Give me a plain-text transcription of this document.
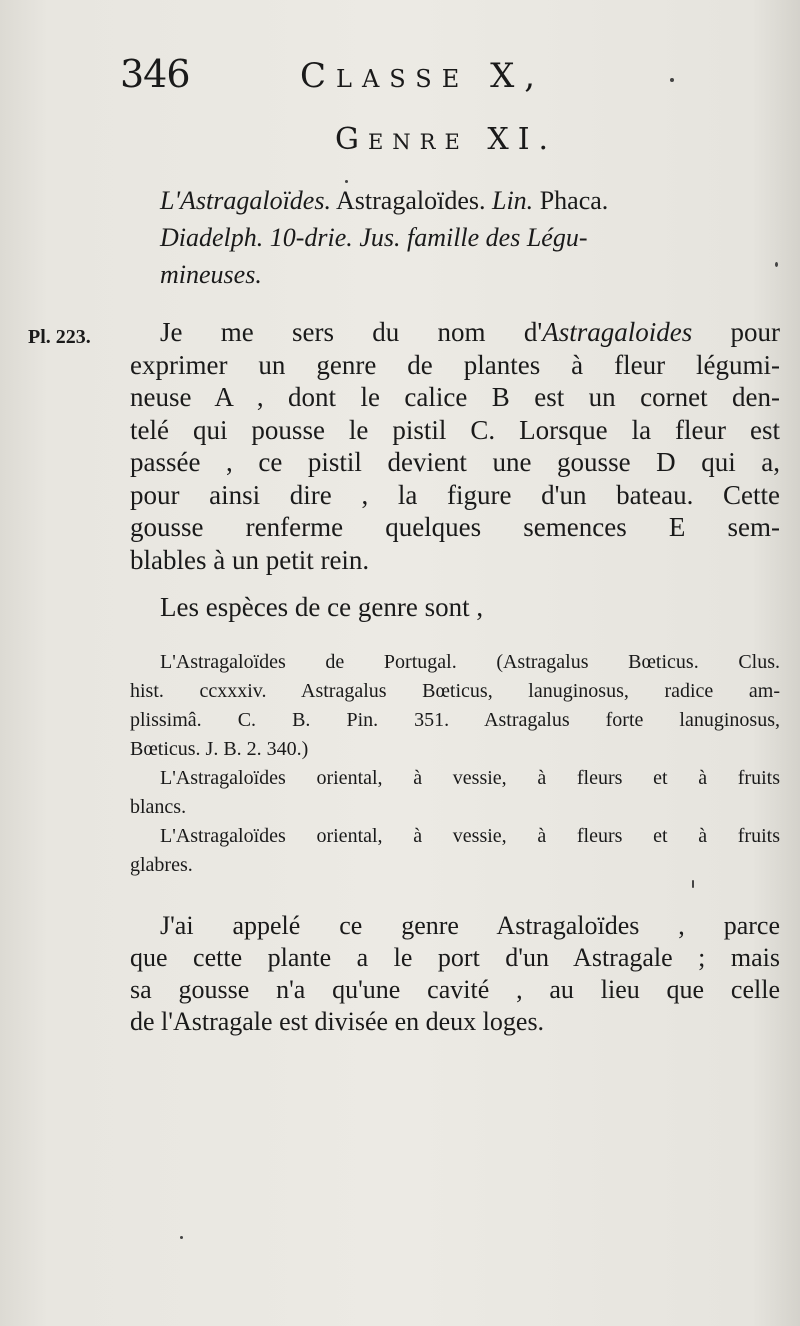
346	Classe X,
Genre XI.
L'Astragaloïdes. Astragaloïdes. Lin. Phaca.
Diadelph. 10-drie. Jus. famille des Légu-
mineuses.
Pl. 223.	Je me sers du nom d'Astragaloides pour
exprimer un genre de plantes à fleur légumi-
neuse A , dont le calice B est un cornet den-
telé qui pousse le pistil C. Lorsque la fleur est
passée , ce pistil devient une gousse D qui a,
pour ainsi dire , la figure d'un bateau. Cette
gousse renferme quelques semences E sem-
blables à un petit rein.
Les espèces de ce genre sont ,
L'Astragaloïdes de Portugal. (Astragalus Bœticus. Clus.
hist. ccxxxiv. Astragalus Bœticus, lanuginosus, radice am-
plissimâ. C. B. Pin. 351. Astragalus forte lanuginosus,
Bœticus. J. B. 2. 340.)
L'Astragaloïdes oriental, à vessie, à fleurs et à fruits
blancs.
L'Astragaloïdes oriental, à vessie, à fleurs et à fruits
glabres.
J'ai appelé ce genre Astragaloïdes , parce
que cette plante a le port d'un Astragale ; mais
sa gousse n'a qu'une cavité , au lieu que celle
de l'Astragale est divisée en deux loges.
